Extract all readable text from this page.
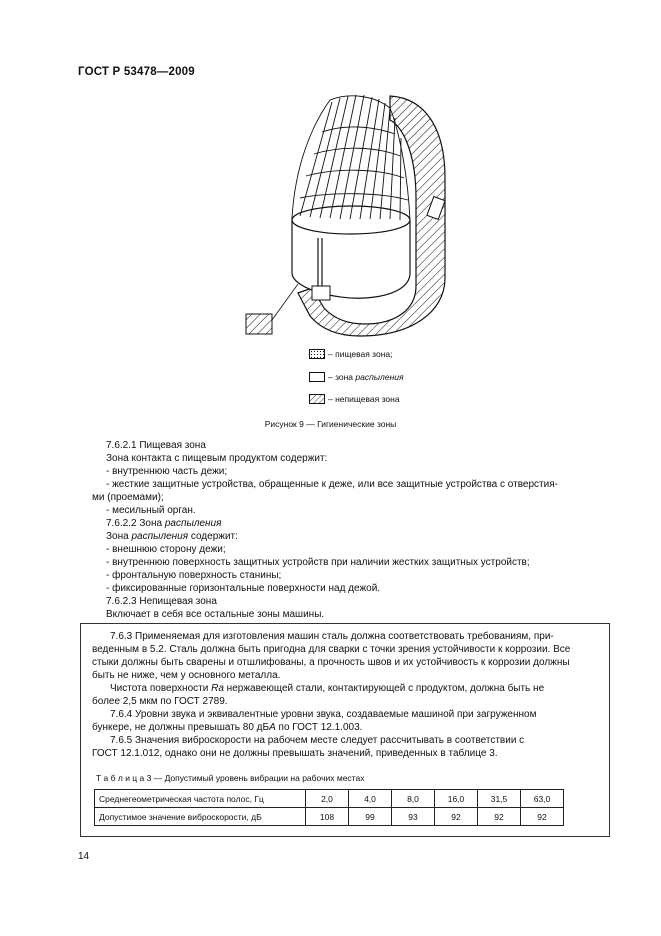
ГОСТ Р 53478—2009
– пищевая зона;
– зона распыления
– непищевая зона
Рисунок 9 — Гигиенические зоны
7.6.2.1 Пищевая зона
Зона контакта с пищевым продуктом содержит:
- внутреннюю часть дежи;
- жесткие защитные устройства, обращенные к деже, или все защитные устройства с отверстия-
ми (проемами);
- месильный орган.
7.6.2.2 Зона распыления
Зона распыления содержит:
- внешнюю сторону дежи;
- внутреннюю поверхность защитных устройств при наличии жестких защитных устройств;
- фронтальную поверхность станины;
- фиксированные горизонтальные поверхности над дежой.
7.6.2.3 Непищевая зона
Включает в себя все остальные зоны машины.
7.6.3 Применяемая для изготовления машин сталь должна соответствовать требованиям, при-
веденным в 5.2. Сталь должна быть пригодна для сварки с точки зрения устойчивости к коррозии. Все
стыки должны быть сварены и отшлифованы, а прочность швов и их устойчивость к коррозии должны
быть не ниже, чем у основного металла.
Чистота поверхности Ra нержавеющей стали, контактирующей с продуктом, должна быть не
более 2,5 мкм по ГОСТ 2789.
7.6.4 Уровни звука и эквивалентные уровни звука, создаваемые машиной при загруженном
бункере, не должны превышать 80 дБА по ГОСТ 12.1.003.
7.6.5 Значения виброскорости на рабочем месте следует рассчитывать в соответствии с
ГОСТ 12.1.012, однако они не должны превышать значений, приведенных в таблице 3.
Т а б л и ц а 3 — Допустимый уровень вибрации на рабочих местах
Среднегеометрическая частота полос, Гц	2,0	4,0	8,0	16,0	31,5	63,0
Допустимое значение виброскорости, дБ	108	99	93	92	92	92
14
